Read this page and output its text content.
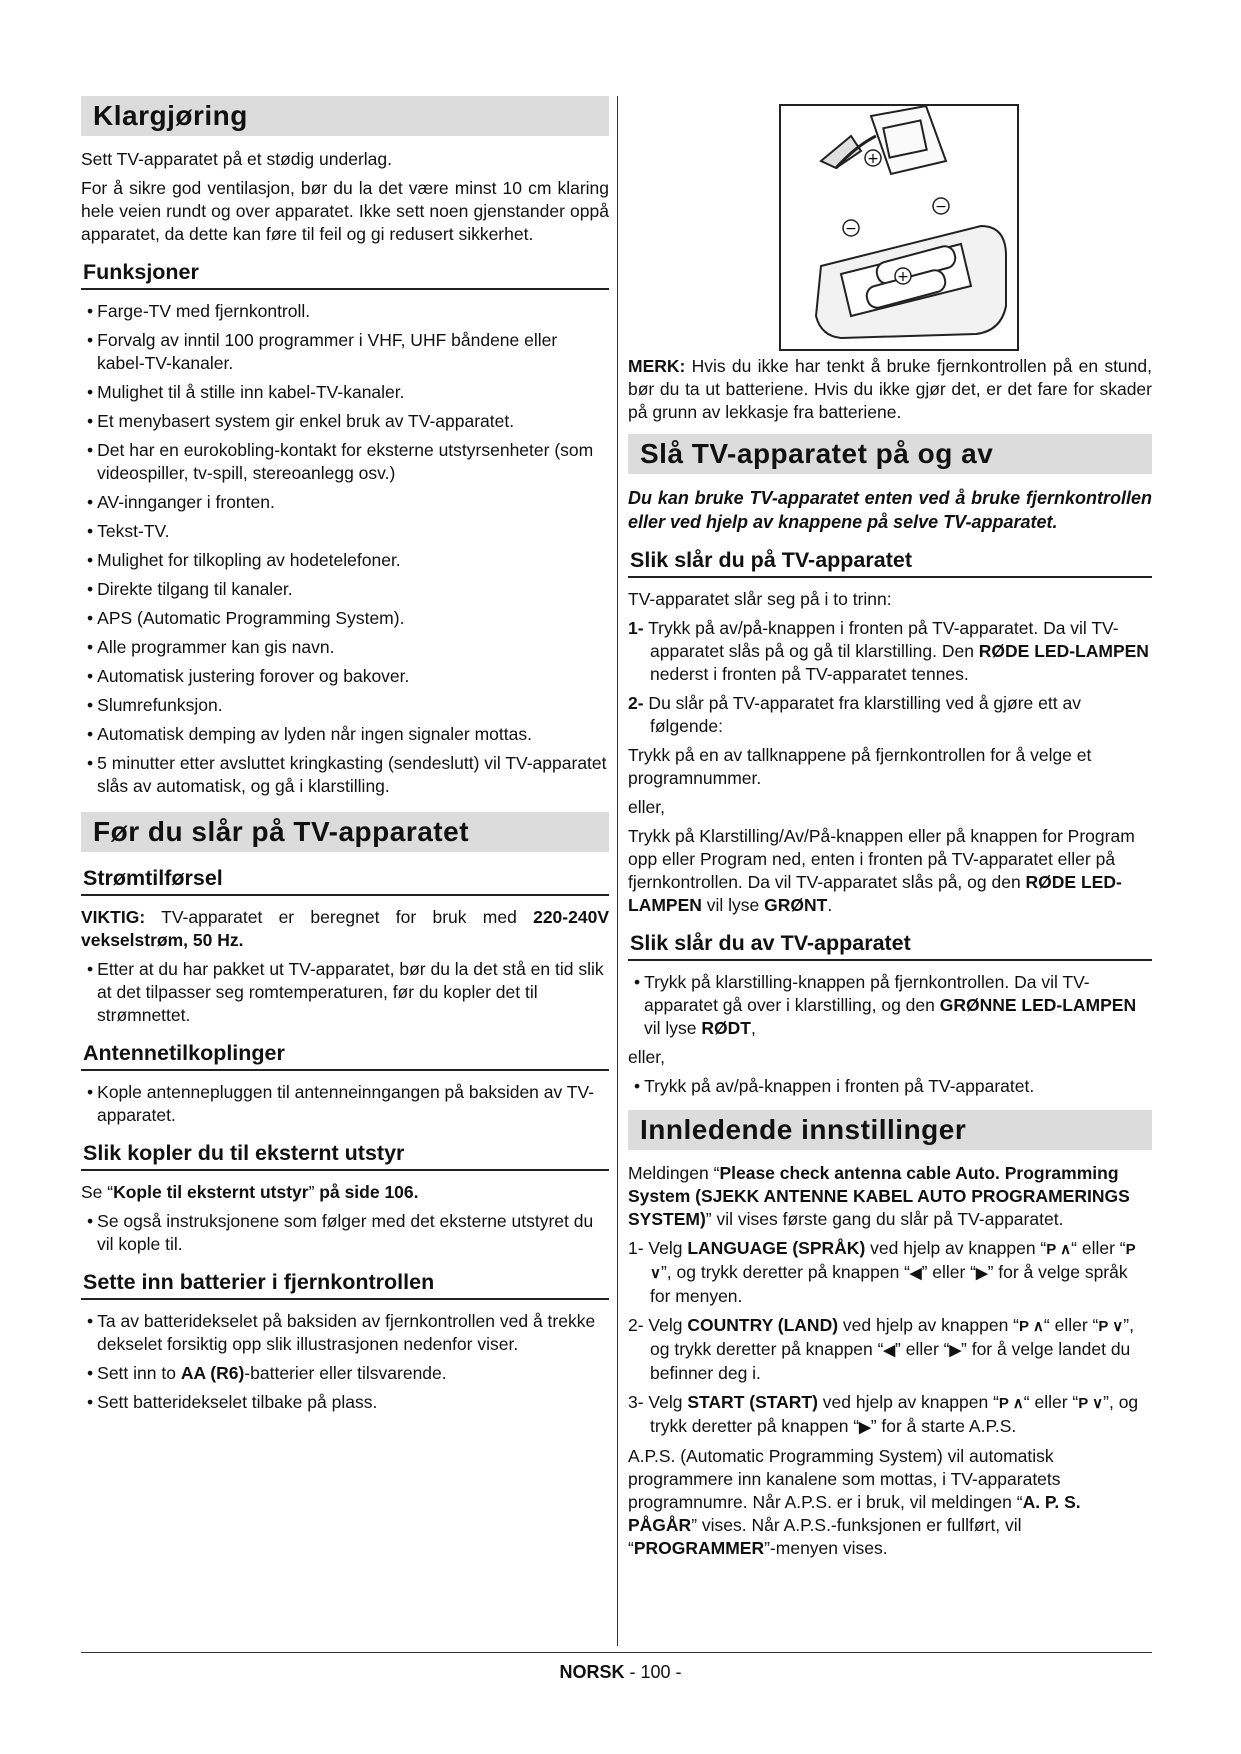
Klargjøring

Sett TV-apparatet på et stødig underlag.

For å sikre god ventilasjon, bør du la det være minst 10 cm klaring hele veien rundt og over apparatet. Ikke sett noen gjenstander oppå apparatet, da dette kan føre til feil og gi redusert sikkerhet.

Funksjoner
• Farge-TV med fjernkontroll.
• Forvalg av inntil 100 programmer i VHF, UHF båndene eller kabel-TV-kanaler.
• Mulighet til å stille inn kabel-TV-kanaler.
• Et menybasert system gir enkel bruk av TV-apparatet.
• Det har en eurokobling-kontakt for eksterne utstyrsenheter (som videospiller, tv-spill, stereoanlegg osv.)
• AV-innganger i fronten.
• Tekst-TV.
• Mulighet for tilkopling av hodetelefoner.
• Direkte tilgang til kanaler.
• APS (Automatic Programming System).
• Alle programmer kan gis navn.
• Automatisk justering forover og bakover.
• Slumrefunksjon.
• Automatisk demping av lyden når ingen signaler mottas.
• 5 minutter etter avsluttet kringkasting (sendeslutt) vil TV-apparatet slås av automatisk, og gå i klarstilling.
Før du slår på TV-apparatet
Strømtilførsel

VIKTIG: TV-apparatet er beregnet for bruk med 220-240V vekselstrøm, 50 Hz.

• Etter at du har pakket ut TV-apparatet, bør du la det stå en tid slik at det tilpasser seg romtemperaturen, før du kopler det til strømnettet.
Antennetilkoplinger
• Kople antennepluggen til antenneinngangen på baksiden av TV-apparatet.
Slik kopler du til eksternt utstyr

Se “Kople til eksternt utstyr” på side 106.

• Se også instruksjonene som følger med det eksterne utstyret du vil kople til.
Sette inn batterier i fjernkontrollen
• Ta av batteridekselet på baksiden av fjernkontrollen ved å trekke dekselet forsiktig opp slik illustrasjonen nedenfor viser.
• Sett inn to AA (R6)-batterier eller tilsvarende.
• Sett batteridekselet tilbake på plass.
+
−
−
+

MERK: Hvis du ikke har tenkt å bruke fjernkontrollen på en stund, bør du ta ut batteriene. Hvis du ikke gjør det, er det fare for skader på grunn av lekkasje fra batteriene.

Slå TV-apparatet på og av

Du kan bruke TV-apparatet enten ved å bruke fjernkontrollen eller ved hjelp av knappene på selve TV-apparatet.

Slik slår du på TV-apparatet

TV-apparatet slår seg på i to trinn:

1- Trykk på av/på-knappen i fronten på TV-apparatet. Da vil TV-apparatet slås på og gå til klarstilling. Den RØDE LED-LAMPEN nederst i fronten på TV-apparatet tennes.
2- Du slår på TV-apparatet fra klarstilling ved å gjøre ett av følgende:

Trykk på en av tallknappene på fjernkontrollen for å velge et programnummer.

eller,

Trykk på Klarstilling/Av/På-knappen eller på knappen for Program opp eller Program ned, enten i fronten på TV-apparatet eller på fjernkontrollen. Da vil TV-apparatet slås på, og den RØDE LED-LAMPEN vil lyse GRØNT.

Slik slår du av TV-apparatet
• Trykk på klarstilling-knappen på fjernkontrollen. Da vil TV-apparatet gå over i klarstilling, og den GRØNNE LED-LAMPEN vil lyse RØDT,

eller,

• Trykk på av/på-knappen i fronten på TV-apparatet.
Innledende innstillinger

Meldingen “Please check antenna cable Auto. Programming System (SJEKK ANTENNE KABEL AUTO PROGRAMERINGS SYSTEM)” vil vises første gang du slår på TV-apparatet.

1- Velg LANGUAGE (SPRÅK) ved hjelp av knappen “P ∧“ eller “P ∨”, og trykk deretter på knappen “◀” eller “▶” for å velge språk for menyen.
2- Velg COUNTRY (LAND) ved hjelp av knappen “P ∧“ eller “P ∨”, og trykk deretter på knappen “◀” eller “▶” for å velge landet du befinner deg i.
3- Velg START (START) ved hjelp av knappen “P ∧“ eller “P ∨”, og trykk deretter på knappen “▶” for å starte A.P.S.

A.P.S. (Automatic Programming System) vil automatisk programmere inn kanalene som mottas, i TV-apparatets programnumre. Når A.P.S. er i bruk, vil meldingen “A. P. S. PÅGÅR” vises. Når A.P.S.-funksjonen er fullført, vil “PROGRAMMER”-menyen vises.

NORSK - 100 -
